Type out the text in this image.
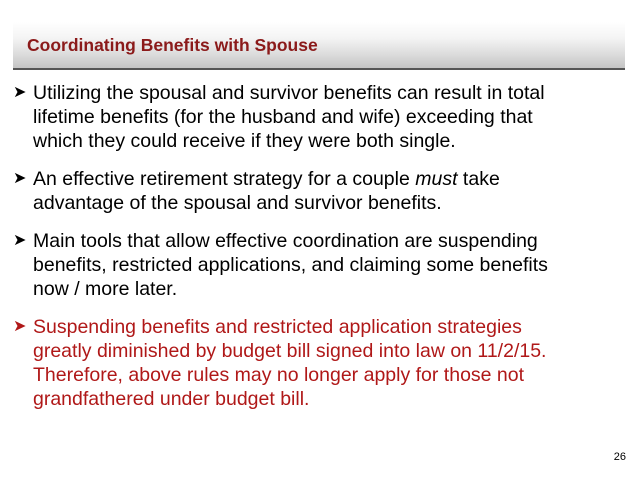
Coordinating Benefits with Spouse
➤ Utilizing the spousal and survivor benefits can result in total
lifetime benefits (for the husband and wife) exceeding that
which they could receive if they were both single.
➤ An effective retirement strategy for a couple must take
advantage of the spousal and survivor benefits.
➤ Main tools that allow effective coordination are suspending
benefits, restricted applications, and claiming some benefits
now / more later.
➤ Suspending benefits and restricted application strategies
greatly diminished by budget bill signed into law on 11/2/15.
Therefore, above rules may no longer apply for those not
grandfathered under budget bill.
26
